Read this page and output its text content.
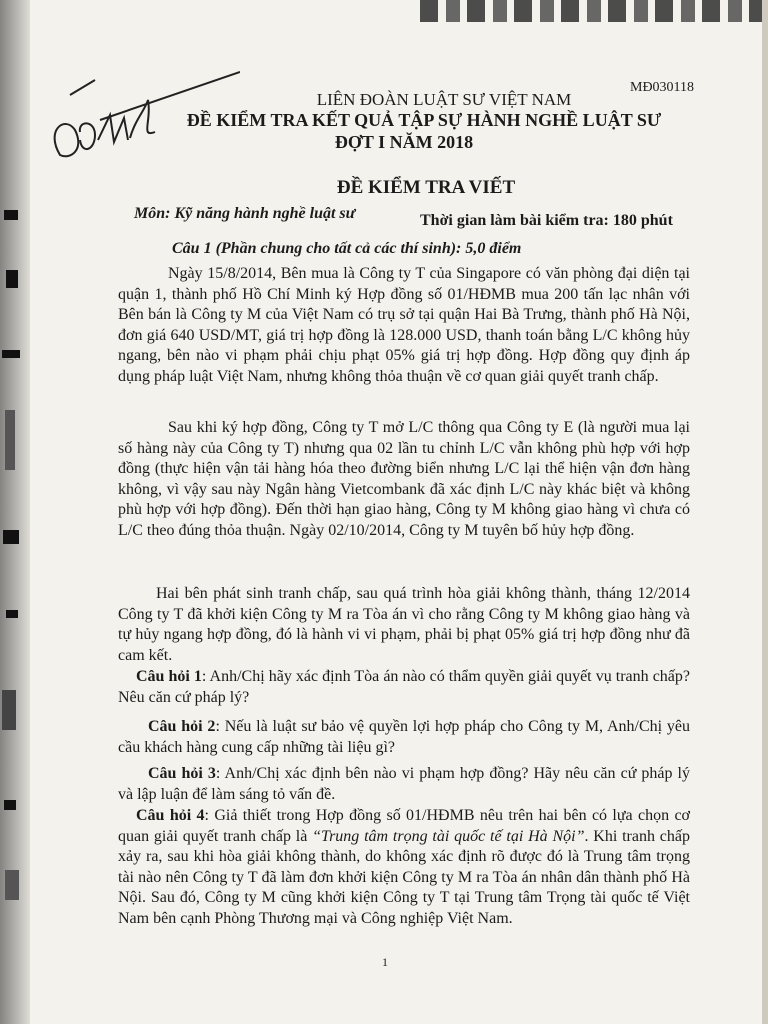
MĐ030118
LIÊN ĐOÀN LUẬT SƯ VIỆT NAM
ĐỀ KIỂM TRA KẾT QUẢ TẬP SỰ HÀNH NGHỀ LUẬT SƯ
ĐỢT I NĂM 2018
ĐỀ KIỂM TRA VIẾT
Môn: Kỹ năng hành nghề luật sư	Thời gian làm bài kiểm tra: 180 phút
Câu 1 (Phần chung cho tất cả các thí sinh): 5,0 điểm
Ngày 15/8/2014, Bên mua là Công ty T của Singapore có văn phòng đại diện tại quận 1, thành phố Hồ Chí Minh ký Hợp đồng số 01/HĐMB mua 200 tấn lạc nhân với Bên bán là Công ty M của Việt Nam có trụ sở tại quận Hai Bà Trưng, thành phố Hà Nội, đơn giá 640 USD/MT, giá trị hợp đồng là 128.000 USD, thanh toán bằng L/C không hủy ngang, bên nào vi phạm phải chịu phạt 05% giá trị hợp đồng. Hợp đồng quy định áp dụng pháp luật Việt Nam, nhưng không thỏa thuận về cơ quan giải quyết tranh chấp.
Sau khi ký hợp đồng, Công ty T mở L/C thông qua Công ty E (là người mua lại số hàng này của Công ty T) nhưng qua 02 lần tu chỉnh L/C vẫn không phù hợp với hợp đồng (thực hiện vận tải hàng hóa theo đường biển nhưng L/C lại thể hiện vận đơn hàng không, vì vậy sau này Ngân hàng Vietcombank đã xác định L/C này khác biệt và không phù hợp với hợp đồng). Đến thời hạn giao hàng, Công ty M không giao hàng vì chưa có L/C theo đúng thỏa thuận. Ngày 02/10/2014, Công ty M tuyên bố hủy hợp đồng.
Hai bên phát sinh tranh chấp, sau quá trình hòa giải không thành, tháng 12/2014 Công ty T đã khởi kiện Công ty M ra Tòa án vì cho rằng Công ty M không giao hàng và tự hủy ngang hợp đồng, đó là hành vi vi phạm, phải bị phạt 05% giá trị hợp đồng như đã cam kết.
Câu hỏi 1: Anh/Chị hãy xác định Tòa án nào có thẩm quyền giải quyết vụ tranh chấp? Nêu căn cứ pháp lý?
Câu hỏi 2: Nếu là luật sư bảo vệ quyền lợi hợp pháp cho Công ty M, Anh/Chị yêu cầu khách hàng cung cấp những tài liệu gì?
Câu hỏi 3: Anh/Chị xác định bên nào vi phạm hợp đồng? Hãy nêu căn cứ pháp lý và lập luận để làm sáng tỏ vấn đề.
Câu hỏi 4: Giả thiết trong Hợp đồng số 01/HĐMB nêu trên hai bên có lựa chọn cơ quan giải quyết tranh chấp là “Trung tâm trọng tài quốc tế tại Hà Nội”. Khi tranh chấp xảy ra, sau khi hòa giải không thành, do không xác định rõ được đó là Trung tâm trọng tài nào nên Công ty T đã làm đơn khởi kiện Công ty M ra Tòa án nhân dân thành phố Hà Nội. Sau đó, Công ty M cũng khởi kiện Công ty T tại Trung tâm Trọng tài quốc tế Việt Nam bên cạnh Phòng Thương mại và Công nghiệp Việt Nam.
1
